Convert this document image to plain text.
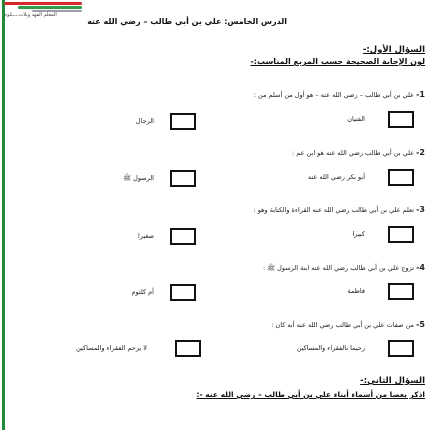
المعلم الفهد ويلات.ـ.ـكوم
الدرس الخامس: علي بن أبي طالب – رضي الله عنه
السؤال الأول:-
لون الإجابة الصحيحة حسب المربع المناسب:-
1- علي بن أبي طالب – رضي الله عنه – هو أول من أسلم من :
الفتيان
الرجال
2- علي بن أبي طالب رضي الله عنه هو ابن عم :
أبو بكر رضي الله عنه
الرسول ﷺ
3- تعلم علي بن أبي طالب رضي الله عنه القراءة والكتابة وهو :
كبيرا
صغيرا
4- تزوج علي بن أبي طالب رضي الله عنه ابنة الرسول ﷺ :
فاطمة
أم كلثوم
5- من صفات علي بن أبي طالب رضي الله عنه أنه كان :
رحيما بالفقراء والمساكين
لا يرحم الفقراء والمساكين
السؤال الثاني:-
اذكر بعضا من أسماء أبناء علي بن أبي طالب – رضي الله عنه -:
